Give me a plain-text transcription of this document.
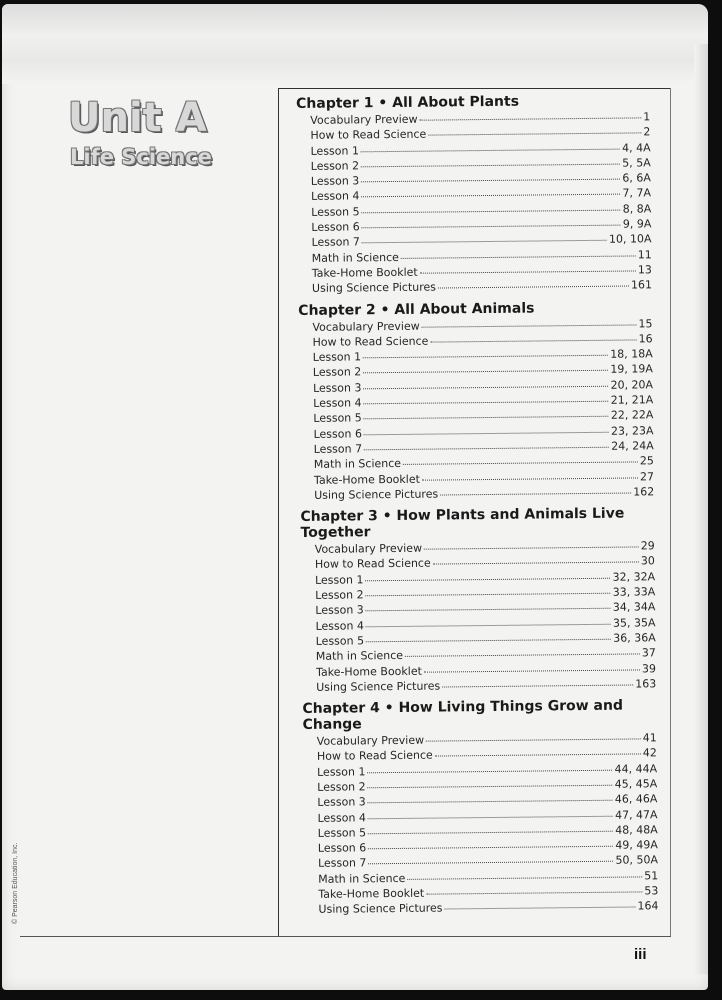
Unit A
Life Science
© Pearson Education, Inc.
Chapter 1 • All About Plants
Vocabulary Preview	1
How to Read Science	2
Lesson 1	4, 4A
Lesson 2	5, 5A
Lesson 3	6, 6A
Lesson 4	7, 7A
Lesson 5	8, 8A
Lesson 6	9, 9A
Lesson 7	10, 10A
Math in Science	11
Take-Home Booklet	13
Using Science Pictures	161
Chapter 2 • All About Animals
Vocabulary Preview	15
How to Read Science	16
Lesson 1	18, 18A
Lesson 2	19, 19A
Lesson 3	20, 20A
Lesson 4	21, 21A
Lesson 5	22, 22A
Lesson 6	23, 23A
Lesson 7	24, 24A
Math in Science	25
Take-Home Booklet	27
Using Science Pictures	162
Chapter 3 • How Plants and Animals Live Together
Vocabulary Preview	29
How to Read Science	30
Lesson 1	32, 32A
Lesson 2	33, 33A
Lesson 3	34, 34A
Lesson 4	35, 35A
Lesson 5	36, 36A
Math in Science	37
Take-Home Booklet	39
Using Science Pictures	163
Chapter 4 • How Living Things Grow and Change
Vocabulary Preview	41
How to Read Science	42
Lesson 1	44, 44A
Lesson 2	45, 45A
Lesson 3	46, 46A
Lesson 4	47, 47A
Lesson 5	48, 48A
Lesson 6	49, 49A
Lesson 7	50, 50A
Math in Science	51
Take-Home Booklet	53
Using Science Pictures	164
iii
